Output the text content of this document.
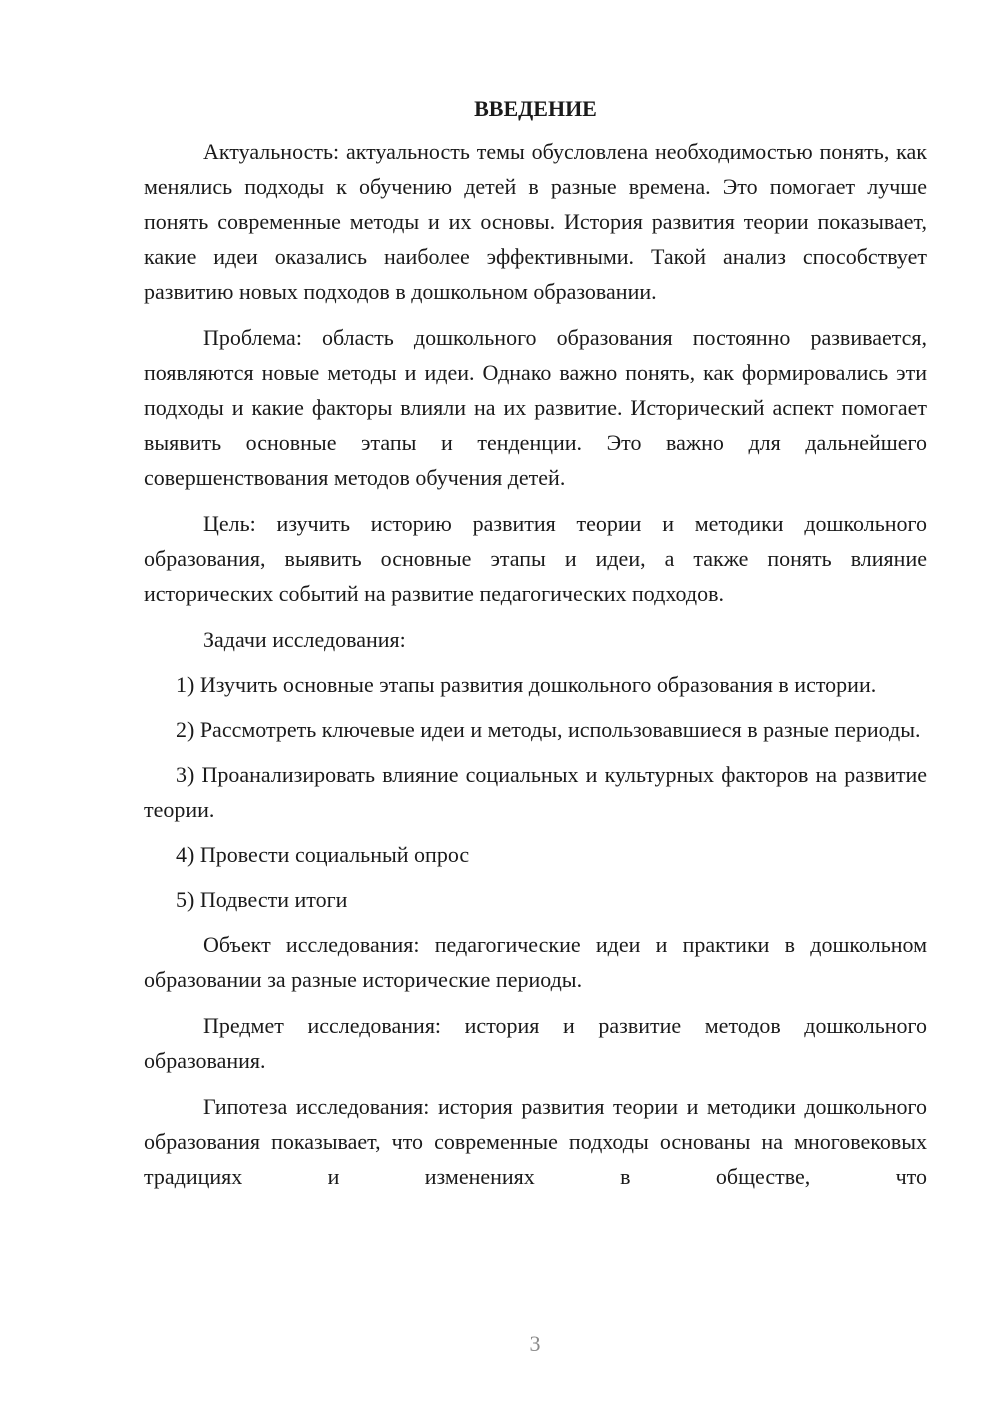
ВВЕДЕНИЕ

Актуальность: актуальность темы обусловлена необходимостью понять, как менялись подходы к обучению детей в разные времена. Это помогает лучше понять современные методы и их основы. История развития теории показывает, какие идеи оказались наиболее эффективными. Такой анализ способствует развитию новых подходов в дошкольном образовании.

Проблема: область дошкольного образования постоянно развивается, появляются новые методы и идеи. Однако важно понять, как формировались эти подходы и какие факторы влияли на их развитие. Исторический аспект помогает выявить основные этапы и тенденции. Это важно для дальнейшего совершенствования методов обучения детей.

Цель: изучить историю развития теории и методики дошкольного образования, выявить основные этапы и идеи, а также понять влияние исторических событий на развитие педагогических подходов.

Задачи исследования:

1) Изучить основные этапы развития дошкольного образования в истории.

2) Рассмотреть ключевые идеи и методы, использовавшиеся в разные периоды.

3) Проанализировать влияние социальных и культурных факторов на развитие теории.

4) Провести социальный опрос

5) Подвести итоги

Объект исследования: педагогические идеи и практики в дошкольном образовании за разные исторические периоды.

Предмет исследования: история и развитие методов дошкольного образования.

Гипотеза исследования: история развития теории и методики дошкольного образования показывает, что современные подходы основаны на многовековых традициях и изменениях в обществе, что

3
